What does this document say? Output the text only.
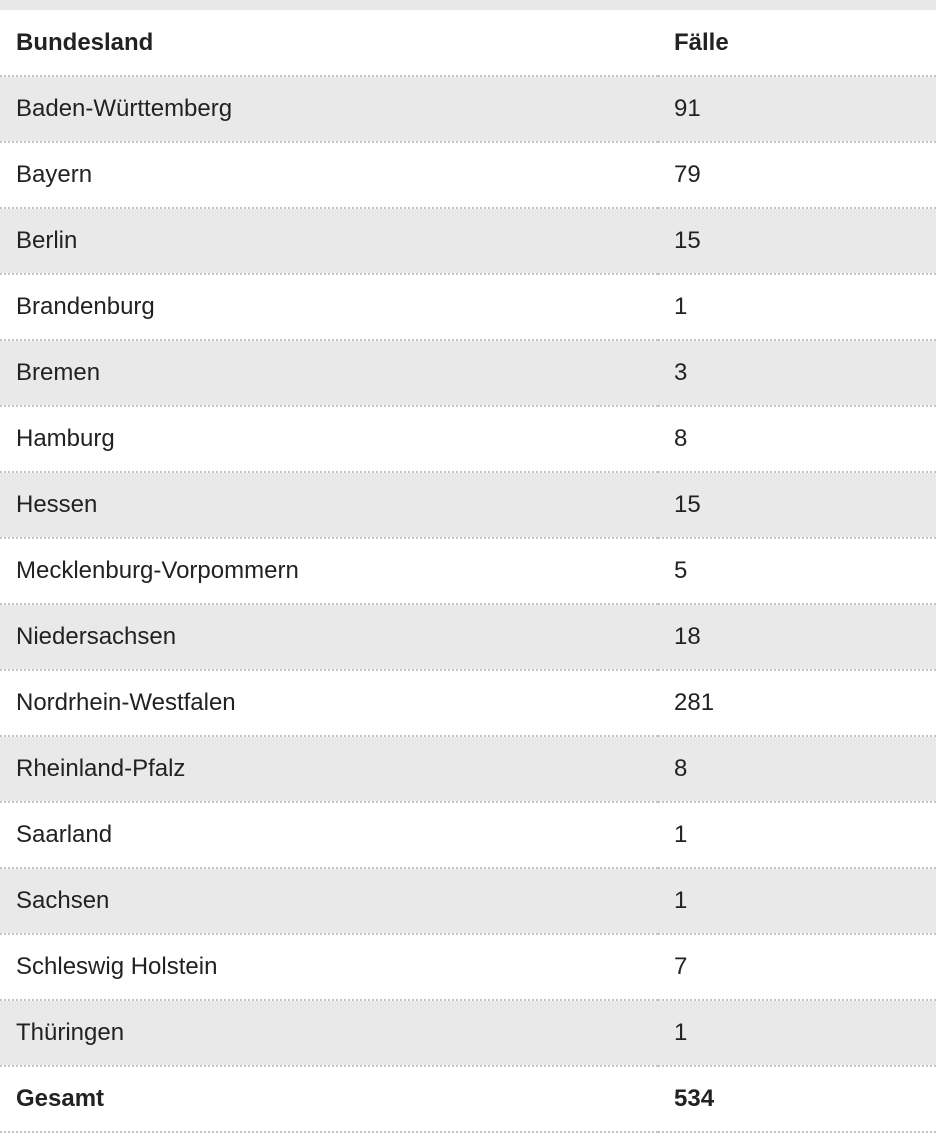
Bundesland	Fälle
Baden-Württemberg	91
Bayern	79
Berlin	15
Brandenburg	1
Bremen	3
Hamburg	8
Hessen	15
Mecklenburg-Vorpommern	5
Niedersachsen	18
Nordrhein-Westfalen	281
Rheinland-Pfalz	8
Saarland	1
Sachsen	1
Schleswig Holstein	7
Thüringen	1
Gesamt	534
